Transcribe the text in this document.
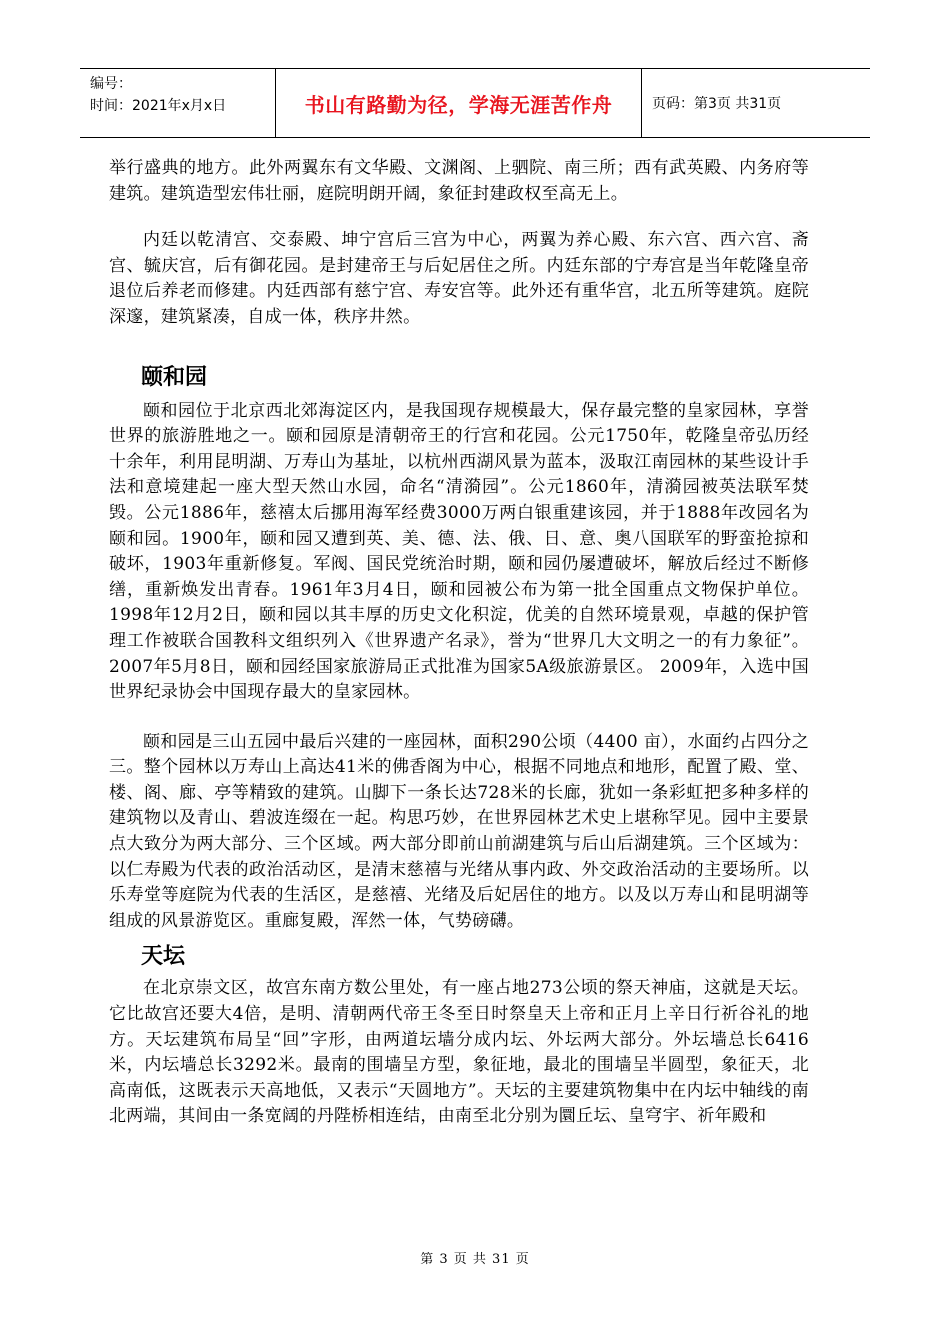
编号：
时间：2021年x月x日	书山有路勤为径，学海无涯苦作舟	页码：第3页 共31页

举行盛典的地方。此外两翼东有文华殿、文渊阁、上驷院、南三所；西有武英殿、内务府等建筑。建筑造型宏伟壮丽，庭院明朗开阔，象征封建政权至高无上。

内廷以乾清宫、交泰殿、坤宁宫后三宫为中心，两翼为养心殿、东六宫、西六宫、斋宫、毓庆宫，后有御花园。是封建帝王与后妃居住之所。内廷东部的宁寿宫是当年乾隆皇帝退位后养老而修建。内廷西部有慈宁宫、寿安宫等。此外还有重华宫，北五所等建筑。庭院深邃，建筑紧凑，自成一体，秩序井然。

颐和园

颐和园位于北京西北郊海淀区内，是我国现存规模最大，保存最完整的皇家园林，享誉世界的旅游胜地之一。颐和园原是清朝帝王的行宫和花园。公元1750年，乾隆皇帝弘历经十余年，利用昆明湖、万寿山为基址，以杭州西湖风景为蓝本，汲取江南园林的某些设计手法和意境建起一座大型天然山水园，命名“清漪园”。公元1860年，清漪园被英法联军焚毁。公元1886年，慈禧太后挪用海军经费3000万两白银重建该园，并于1888年改园名为颐和园。1900年，颐和园又遭到英、美、德、法、俄、日、意、奥八国联军的野蛮抢掠和破坏，1903年重新修复。军阀、国民党统治时期，颐和园仍屡遭破坏，解放后经过不断修缮，重新焕发出青春。1961年3月4日，颐和园被公布为第一批全国重点文物保护单位。1998年12月2日，颐和园以其丰厚的历史文化积淀，优美的自然环境景观，卓越的保护管理工作被联合国教科文组织列入《世界遗产名录》，誉为“世界几大文明之一的有力象征”。2007年5月8日，颐和园经国家旅游局正式批准为国家5A级旅游景区。 2009年，入选中国世界纪录协会中国现存最大的皇家园林。

颐和园是三山五园中最后兴建的一座园林，面积290公顷（4400 亩），水面约占四分之三。整个园林以万寿山上高达41米的佛香阁为中心，根据不同地点和地形，配置了殿、堂、楼、阁、廊、亭等精致的建筑。山脚下一条长达728米的长廊，犹如一条彩虹把多种多样的建筑物以及青山、碧波连缀在一起。构思巧妙，在世界园林艺术史上堪称罕见。园中主要景点大致分为两大部分、三个区域。两大部分即前山前湖建筑与后山后湖建筑。三个区域为：以仁寿殿为代表的政治活动区，是清末慈禧与光绪从事内政、外交政治活动的主要场所。以乐寿堂等庭院为代表的生活区，是慈禧、光绪及后妃居住的地方。以及以万寿山和昆明湖等组成的风景游览区。重廊复殿，浑然一体，气势磅礴。

天坛

在北京崇文区，故宫东南方数公里处，有一座占地273公顷的祭天神庙，这就是天坛。它比故宫还要大4倍，是明、清朝两代帝王冬至日时祭皇天上帝和正月上辛日行祈谷礼的地方。天坛建筑布局呈“回”字形，由两道坛墙分成内坛、外坛两大部分。外坛墙总长6416米，内坛墙总长3292米。最南的围墙呈方型，象征地，最北的围墙呈半圆型，象征天，北高南低，这既表示天高地低，又表示“天圆地方”。天坛的主要建筑物集中在内坛中轴线的南北两端，其间由一条宽阔的丹陛桥相连结，由南至北分别为圜丘坛、皇穹宇、祈年殿和

第 3 页 共 31 页
